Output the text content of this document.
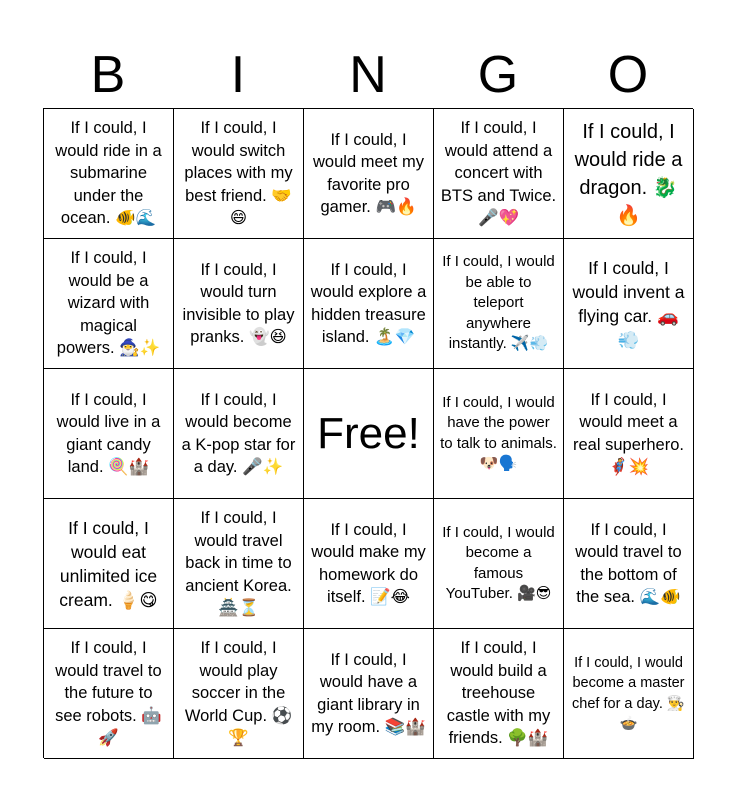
B	I	N	G	O
If I could, I would ride in a submarine under the ocean. 🐠🌊
If I could, I would switch places with my best friend. 🤝😄
If I could, I would meet my favorite pro gamer. 🎮🔥
If I could, I would attend a concert with BTS and Twice. 🎤💖
If I could, I would ride a dragon. 🐉🔥
If I could, I would be a wizard with magical powers. 🧙‍♂️✨
If I could, I would turn invisible to play pranks. 👻😆
If I could, I would explore a hidden treasure island. 🏝️💎
If I could, I would be able to teleport anywhere instantly. ✈️💨
If I could, I would invent a flying car. 🚗💨
If I could, I would live in a giant candy land. 🍭🏰
If I could, I would become a K-pop star for a day. 🎤✨
Free!
If I could, I would have the power to talk to animals. 🐶🗣️
If I could, I would meet a real superhero. 🦸💥
If I could, I would eat unlimited ice cream. 🍦😋
If I could, I would travel back in time to ancient Korea. 🏯⏳
If I could, I would make my homework do itself. 📝😂
If I could, I would become a famous YouTuber. 🎥😎
If I could, I would travel to the bottom of the sea. 🌊🐠
If I could, I would travel to the future to see robots. 🤖🚀
If I could, I would play soccer in the World Cup. ⚽🏆
If I could, I would have a giant library in my room. 📚🏰
If I could, I would build a treehouse castle with my friends. 🌳🏰
If I could, I would become a master chef for a day. 👨‍🍳🍲
